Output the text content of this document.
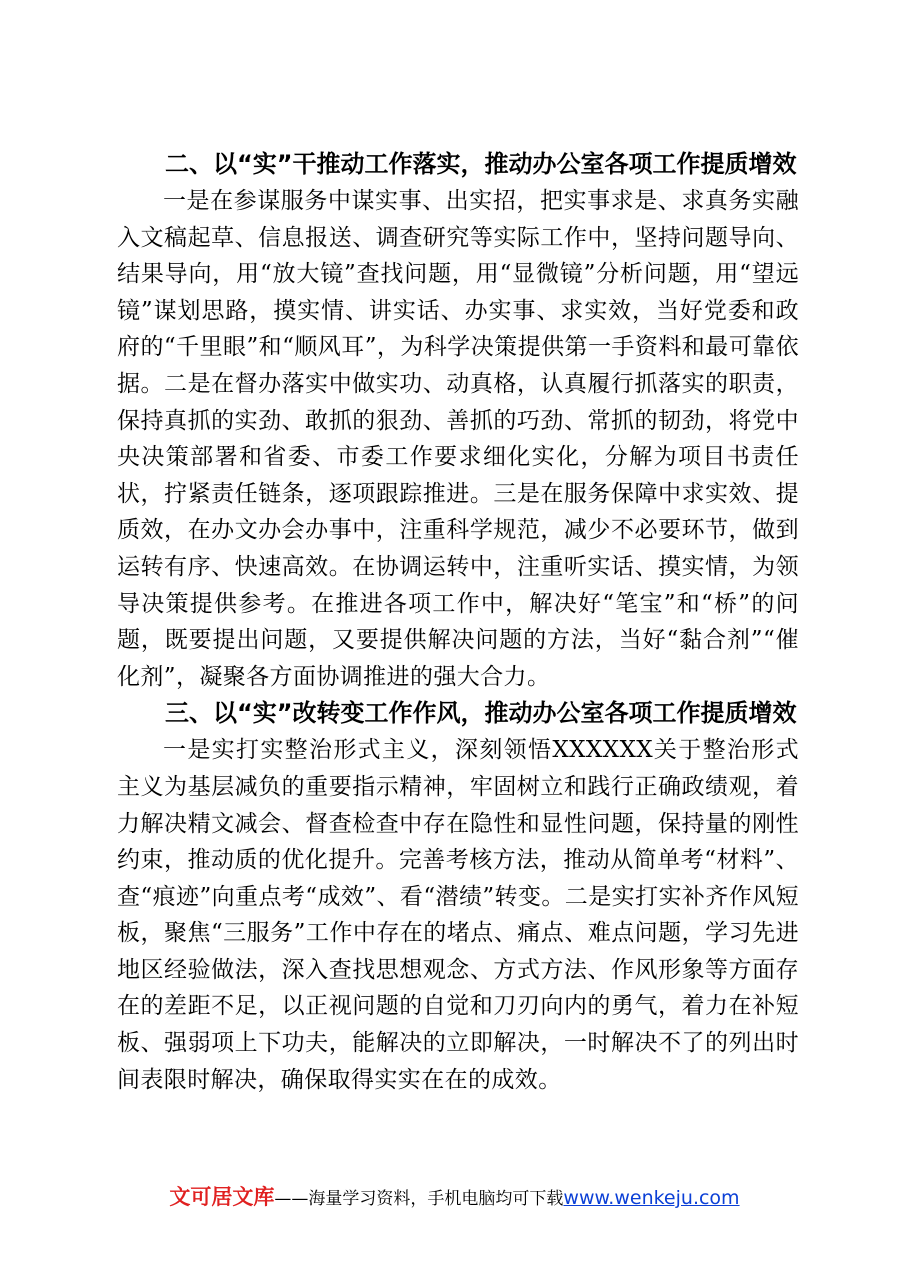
二、以“实”干推动工作落实，推动办公室各项工作提质增效

一是在参谋服务中谋实事、出实招，把实事求是、求真务实融入文稿起草、信息报送、调查研究等实际工作中，坚持问题导向、结果导向，用“放大镜”查找问题，用“显微镜”分析问题，用“望远镜”谋划思路，摸实情、讲实话、办实事、求实效，当好党委和政府的“千里眼”和“顺风耳”，为科学决策提供第一手资料和最可靠依据。二是在督办落实中做实功、动真格，认真履行抓落实的职责，保持真抓的实劲、敢抓的狠劲、善抓的巧劲、常抓的韧劲，将党中央决策部署和省委、市委工作要求细化实化，分解为项目书责任状，拧紧责任链条，逐项跟踪推进。三是在服务保障中求实效、提质效，在办文办会办事中，注重科学规范，减少不必要环节，做到运转有序、快速高效。在协调运转中，注重听实话、摸实情，为领导决策提供参考。在推进各项工作中，解决好“笔宝”和“桥”的问题，既要提出问题，又要提供解决问题的方法，当好“黏合剂”“催化剂”，凝聚各方面协调推进的强大合力。

三、以“实”改转变工作作风，推动办公室各项工作提质增效

一是实打实整治形式主义，深刻领悟XXXXXX关于整治形式主义为基层减负的重要指示精神，牢固树立和践行正确政绩观，着力解决精文减会、督查检查中存在隐性和显性问题，保持量的刚性约束，推动质的优化提升。完善考核方法，推动从简单考“材料”、查“痕迹”向重点考“成效”、看“潜绩”转变。二是实打实补齐作风短板，聚焦“三服务”工作中存在的堵点、痛点、难点问题，学习先进地区经验做法，深入查找思想观念、方式方法、作风形象等方面存在的差距不足，以正视问题的自觉和刀刃向内的勇气，着力在补短板、强弱项上下功夫，能解决的立即解决，一时解决不了的列出时间表限时解决，确保取得实实在在的成效。

文可居文库——海量学习资料，手机电脑均可下载www.wenkeju.com
